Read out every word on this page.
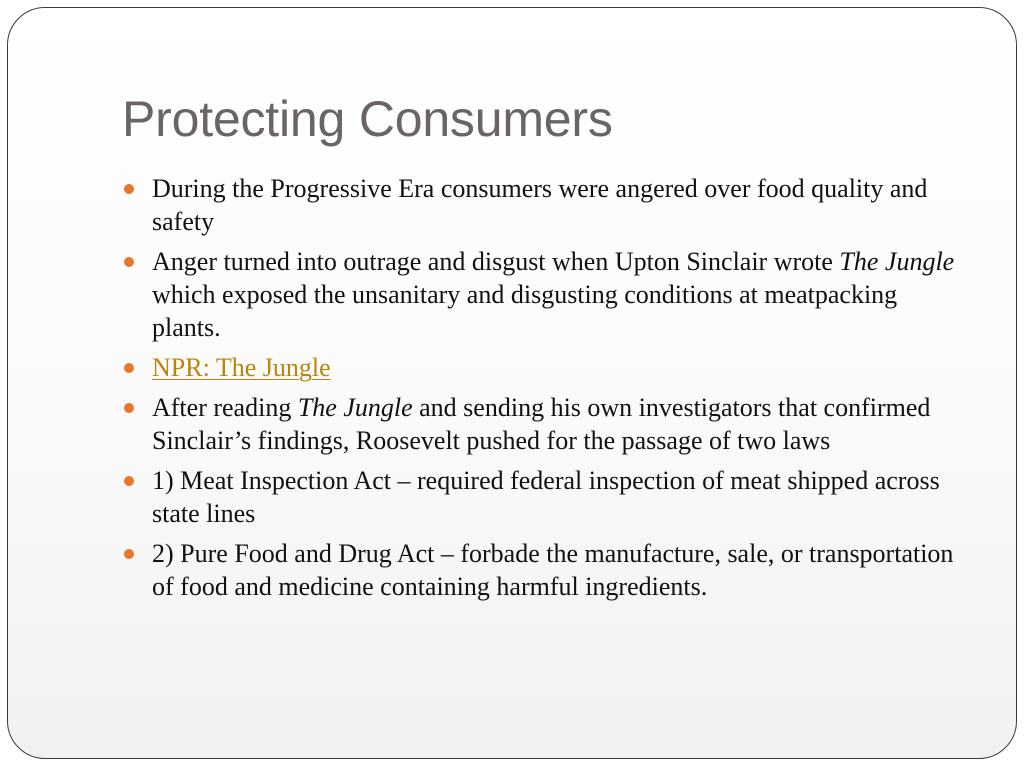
Protecting Consumers
During the Progressive Era consumers were angered over food quality and safety
Anger turned into outrage and disgust when Upton Sinclair wrote The Jungle which exposed the unsanitary and disgusting conditions at meatpacking plants.
NPR: The Jungle
After reading The Jungle and sending his own investigators that confirmed Sinclair’s findings, Roosevelt pushed for the passage of two laws
1) Meat Inspection Act – required federal inspection of meat shipped across state lines
2) Pure Food and Drug Act – forbade the manufacture, sale, or transportation of food and medicine containing harmful ingredients.
